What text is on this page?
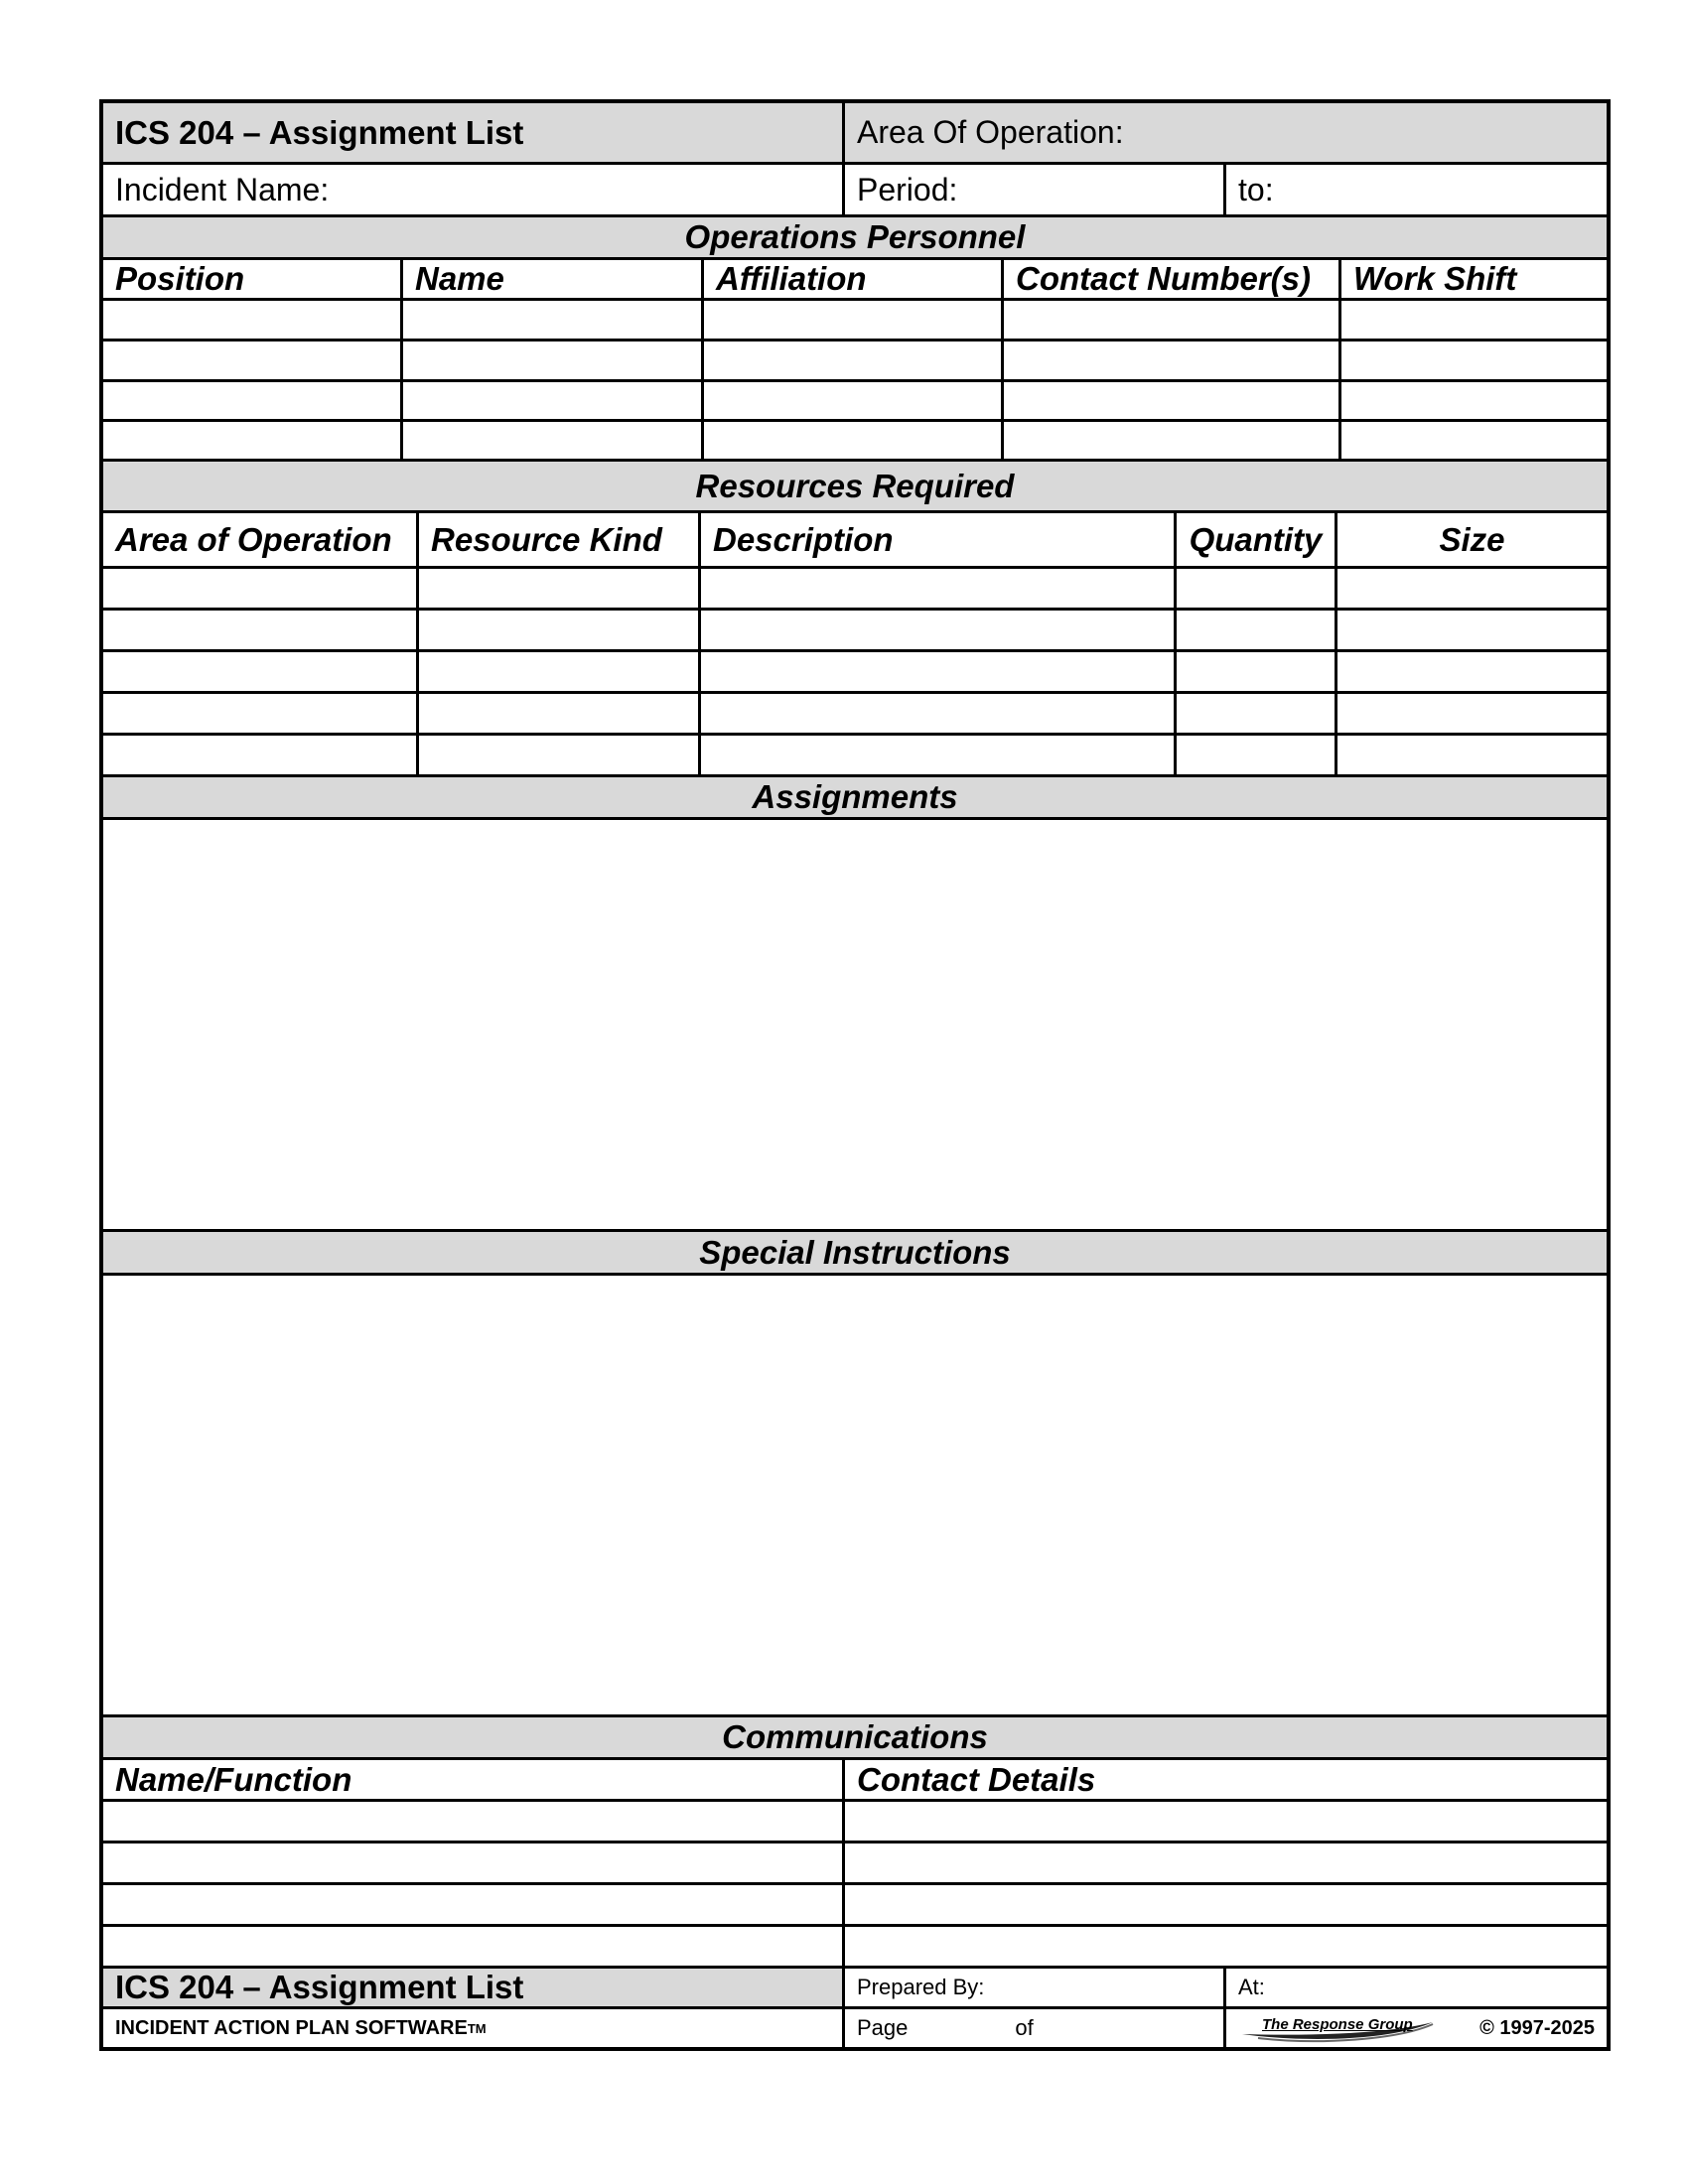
ICS 204 – Assignment List	Area Of Operation:
Incident Name:	Period:	to:
Operations Personnel
Position	Name	Affiliation	Contact Number(s)	Work Shift
Resources Required
Area of Operation	Resource Kind	Description	Quantity	Size
Assignments
Special Instructions
Communications
Name/Function	Contact Details
ICS 204 – Assignment List	Prepared By:	At:
INCIDENT ACTION PLAN SOFTWARE TM	Page	of	The Response Group	© 1997-2025
